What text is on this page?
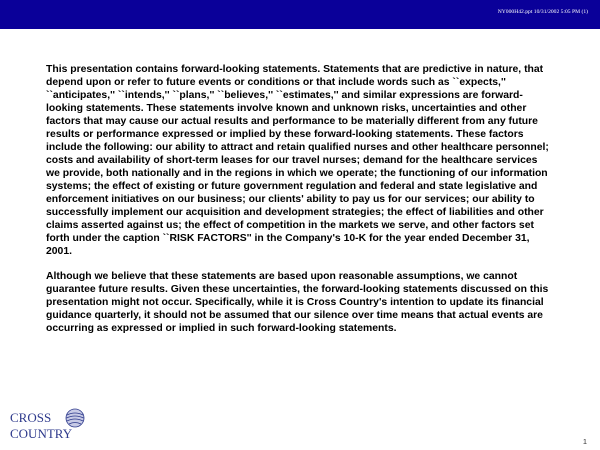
NY000H42.ppt 10/31/2002 5:05 PM (1)

This presentation contains forward-looking statements. Statements that are predictive in nature, that depend upon or refer to future events or conditions or that include words such as ``expects,'' ``anticipates,'' ``intends,'' ``plans,'' ``believes,'' ``estimates,'' and similar expressions are forward-looking statements. These statements involve known and unknown risks, uncertainties and other factors that may cause our actual results and performance to be materially different from any future results or performance expressed or implied by these forward-looking statements. These factors include the following: our ability to attract and retain qualified nurses and other healthcare personnel; costs and availability of short-term leases for our travel nurses; demand for the healthcare services we provide, both nationally and in the regions in which we operate; the functioning of our information systems; the effect of existing or future government regulation and federal and state legislative and enforcement initiatives on our business; our clients' ability to pay us for our services; our ability to successfully implement our acquisition and development strategies; the effect of liabilities and other claims asserted against us; the effect of competition in the markets we serve, and other factors set forth under the caption ``RISK FACTORS'' in the Company's 10-K for the year ended December 31, 2001.

Although we believe that these statements are based upon reasonable assumptions, we cannot guarantee future results. Given these uncertainties, the forward-looking statements discussed on this presentation might not occur. Specifically, while it is Cross Country's intention to update its financial guidance quarterly, it should not be assumed that our silence over time means that actual events are occurring as expressed or implied in such forward-looking statements.

CROSS
COUNTRY
1
